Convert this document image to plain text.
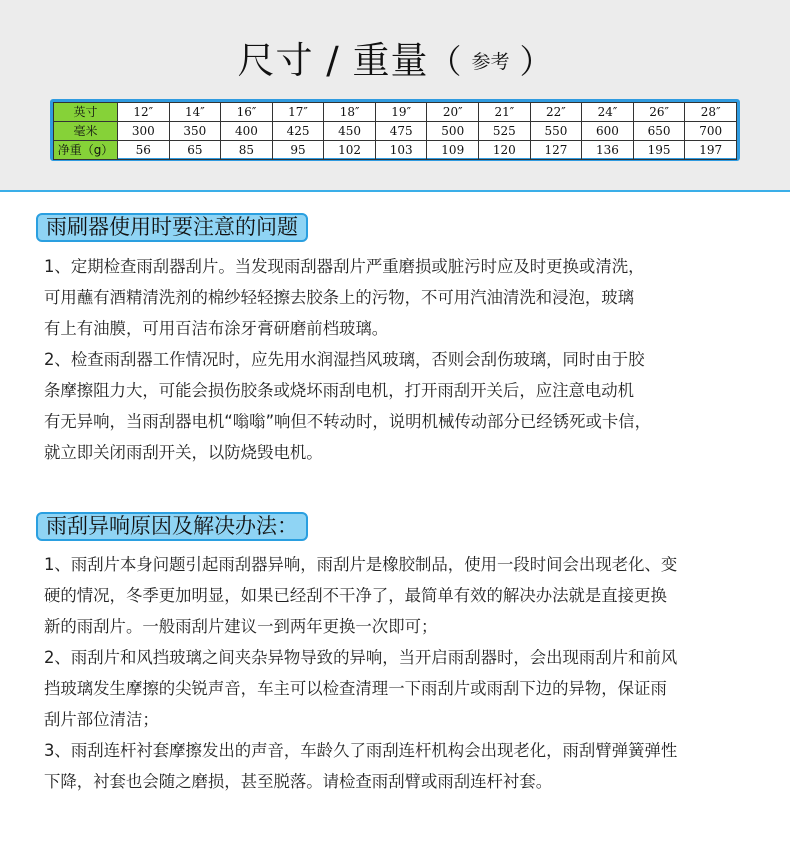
尺寸 / 重量（ 参考 ）
英寸	12″	14″	16″	17″	18″	19″	20″	21″	22″	24″	26″	28″
毫米	300	350	400	425	450	475	500	525	550	600	650	700
净重（g）	56	65	85	95	102	103	109	120	127	136	195	197
雨刷器使用时要注意的问题

1、定期检查雨刮器刮片。当发现雨刮器刮片严重磨损或脏污时应及时更换或清洗，
可用蘸有酒精清洗剂的棉纱轻轻擦去胶条上的污物，不可用汽油清洗和浸泡，玻璃
有上有油膜，可用百洁布涂牙膏研磨前档玻璃。
2、检查雨刮器工作情况时，应先用水润湿挡风玻璃，否则会刮伤玻璃，同时由于胶
条摩擦阻力大，可能会损伤胶条或烧坏雨刮电机，打开雨刮开关后，应注意电动机
有无异响，当雨刮器电机“嗡嗡”响但不转动时，说明机械传动部分已经锈死或卡信，
就立即关闭雨刮开关，以防烧毁电机。

雨刮异响原因及解决办法：

1、雨刮片本身问题引起雨刮器异响，雨刮片是橡胶制品，使用一段时间会出现老化、变
硬的情况，冬季更加明显，如果已经刮不干净了，最简单有效的解决办法就是直接更换
新的雨刮片。一般雨刮片建议一到两年更换一次即可；
2、雨刮片和风挡玻璃之间夹杂异物导致的异响，当开启雨刮器时，会出现雨刮片和前风
挡玻璃发生摩擦的尖锐声音，车主可以检查清理一下雨刮片或雨刮下边的异物，保证雨
刮片部位清洁；
3、雨刮连杆衬套摩擦发出的声音，车龄久了雨刮连杆机构会出现老化，雨刮臂弹簧弹性
下降，衬套也会随之磨损，甚至脱落。请检查雨刮臂或雨刮连杆衬套。
